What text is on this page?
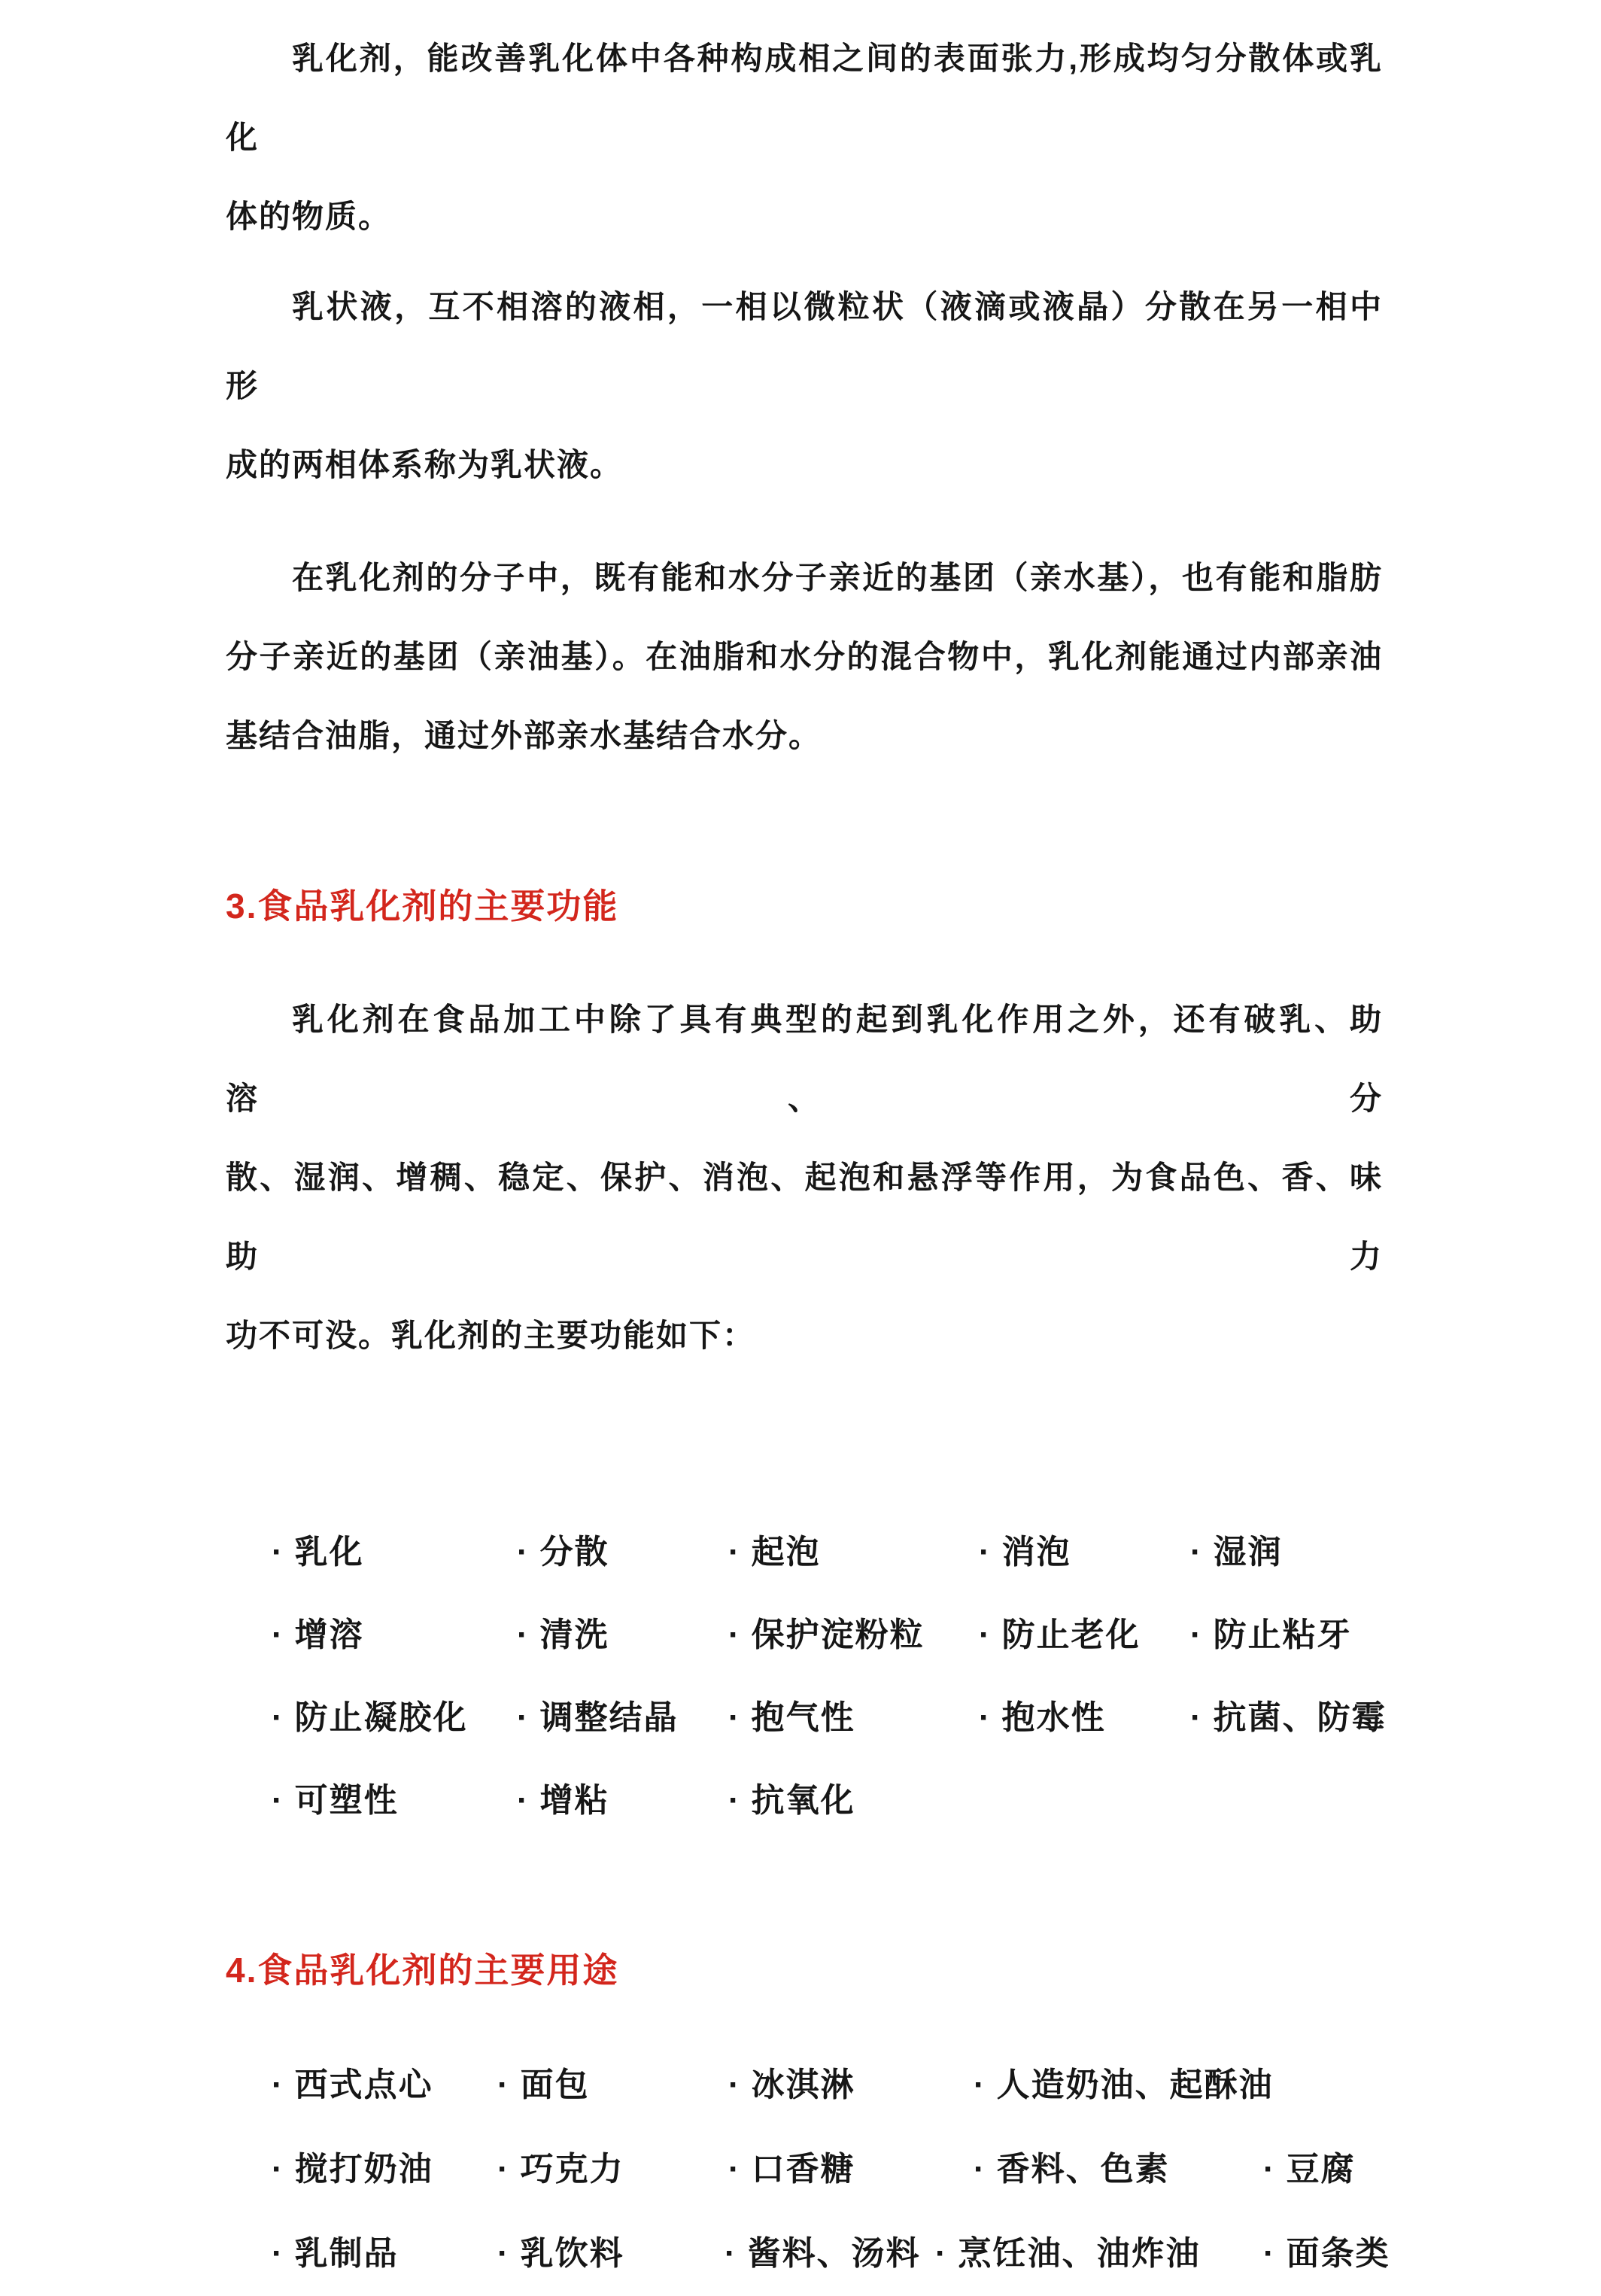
乳化剂，能改善乳化体中各种构成相之间的表面张力,形成均匀分散体或乳化
体的物质。

乳状液，互不相溶的液相，一相以微粒状（液滴或液晶）分散在另一相中形
成的两相体系称为乳状液。

在乳化剂的分子中，既有能和水分子亲近的基团（亲水基），也有能和脂肪
分子亲近的基团（亲油基）。在油脂和水分的混合物中，乳化剂能通过内部亲油
基结合油脂，通过外部亲水基结合水分。

3.食品乳化剂的主要功能

乳化剂在食品加工中除了具有典型的起到乳化作用之外，还有破乳、助溶、分
散、湿润、增稠、稳定、保护、消泡、起泡和悬浮等作用，为食品色、香、味助力
功不可没。乳化剂的主要功能如下：

· 乳化	· 分散	· 起泡	· 消泡	· 湿润
· 增溶	· 清洗	· 保护淀粉粒 · 防止老化 · 防止粘牙
· 防止凝胶化 · 调整结晶 · 抱气性	· 抱水性	· 抗菌、防霉
· 可塑性	· 增粘	· 抗氧化
4.食品乳化剂的主要用途
· 西式点心 · 面包	· 冰淇淋	· 人造奶油、起酥油
· 搅打奶油 · 巧克力	· 口香糖	· 香料、色素	· 豆腐
· 乳制品	· 乳饮料	· 酱料、汤料 · 烹饪油、油炸油 · 面条类
